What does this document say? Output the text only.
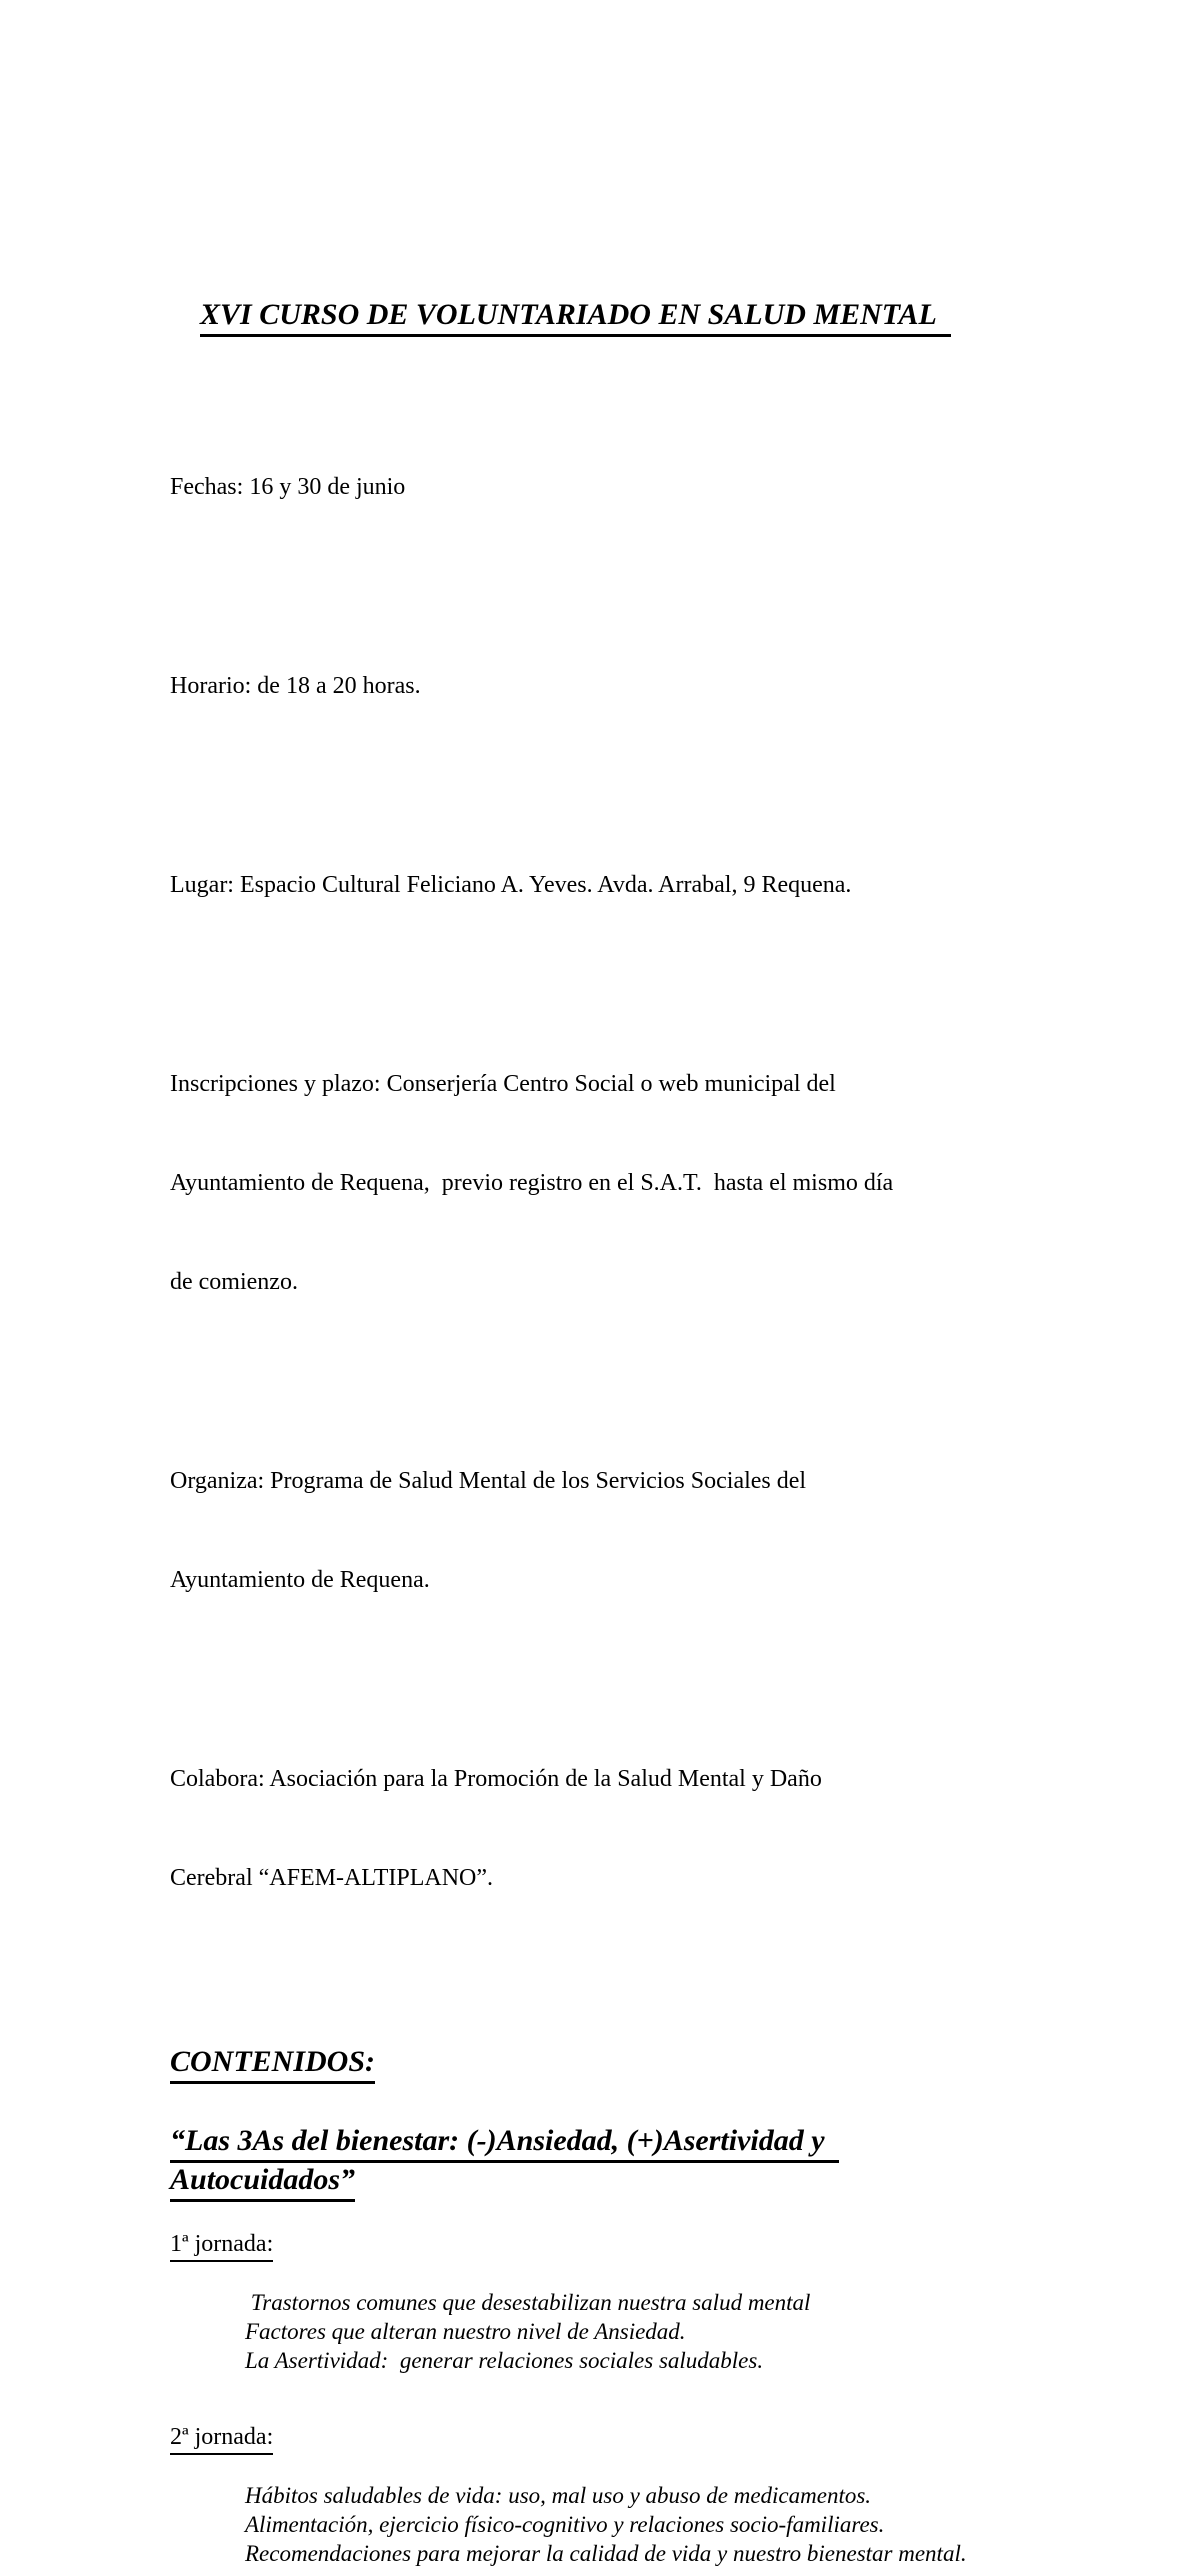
XVI CURSO DE VOLUNTARIADO EN SALUD MENTAL

Fechas: 16 y 30 de junio

Horario: de 18 a 20 horas.

Lugar: Espacio Cultural Feliciano A. Yeves. Avda. Arrabal, 9 Requena.

Inscripciones y plazo: Conserjería Centro Social o web municipal del

Ayuntamiento de Requena,  previo registro en el S.A.T.  hasta el mismo día

de comienzo.

Organiza: Programa de Salud Mental de los Servicios Sociales del

Ayuntamiento de Requena.

Colabora: Asociación para la Promoción de la Salud Mental y Daño

Cerebral “AFEM-ALTIPLANO”.

CONTENIDOS:
“Las 3As del bienestar: (-)Ansiedad, (+)Asertividad y
Autocuidados”
1ª jornada:
Trastornos comunes que desestabilizan nuestra salud mental
Factores que alteran nuestro nivel de Ansiedad.
La Asertividad:  generar relaciones sociales saludables.
2ª jornada:
Hábitos saludables de vida: uso, mal uso y abuso de medicamentos.
Alimentación, ejercicio físico-cognitivo y relaciones socio-familiares.
Recomendaciones para mejorar la calidad de vida y nuestro bienestar mental.
